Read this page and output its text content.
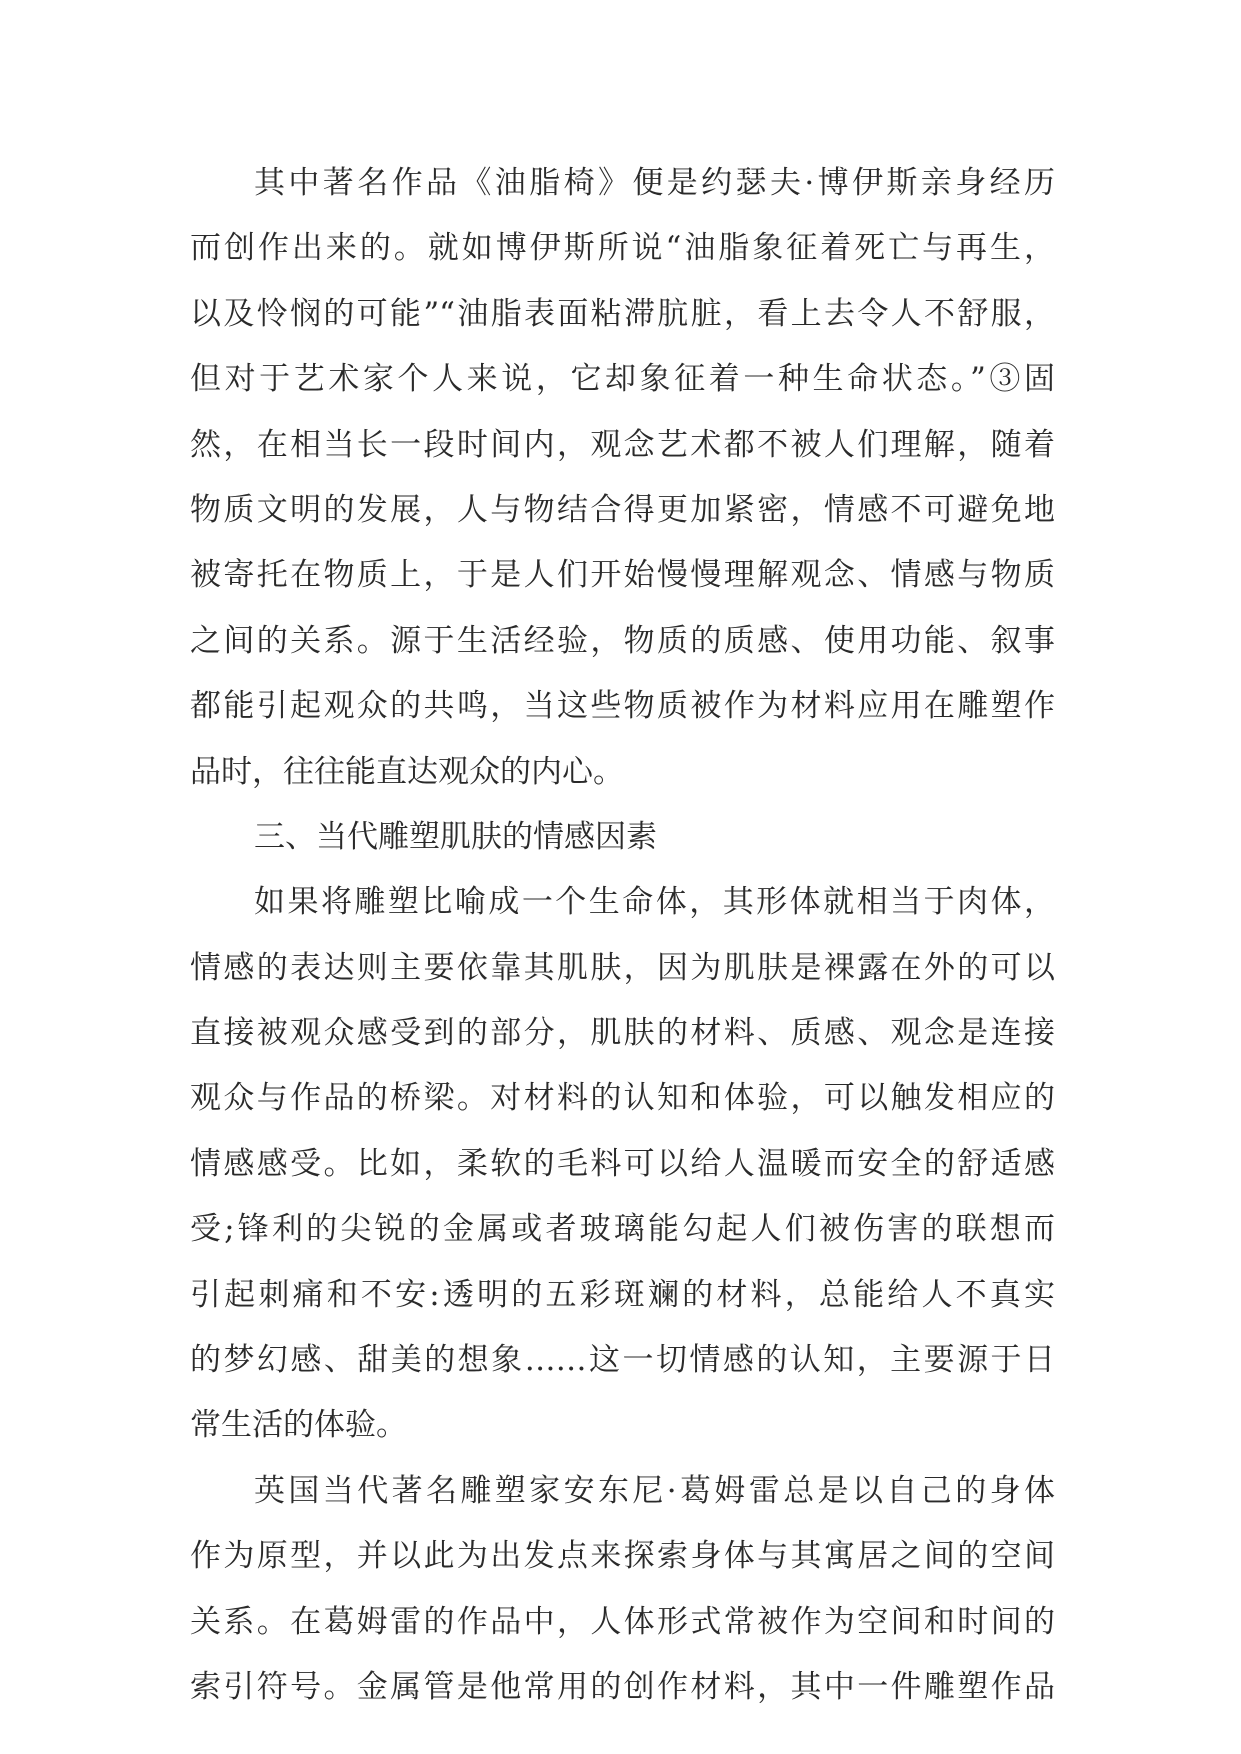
其中著名作品《油脂椅》便是约瑟夫·博伊斯亲身经历
而创作出来的。就如博伊斯所说“油脂象征着死亡与再生，
以及怜悯的可能”“油脂表面粘滞肮脏，看上去令人不舒服，
但对于艺术家个人来说，它却象征着一种生命状态。”③固
然，在相当长一段时间内，观念艺术都不被人们理解，随着
物质文明的发展，人与物结合得更加紧密，情感不可避免地
被寄托在物质上，于是人们开始慢慢理解观念、情感与物质
之间的关系。源于生活经验，物质的质感、使用功能、叙事
都能引起观众的共鸣，当这些物质被作为材料应用在雕塑作
品时，往往能直达观众的内心。
三、当代雕塑肌肤的情感因素
如果将雕塑比喻成一个生命体，其形体就相当于肉体，
情感的表达则主要依靠其肌肤，因为肌肤是裸露在外的可以
直接被观众感受到的部分，肌肤的材料、质感、观念是连接
观众与作品的桥梁。对材料的认知和体验，可以触发相应的
情感感受。比如，柔软的毛料可以给人温暖而安全的舒适感
受;锋利的尖锐的金属或者玻璃能勾起人们被伤害的联想而
引起刺痛和不安:透明的五彩斑斓的材料，总能给人不真实
的梦幻感、甜美的想象……这一切情感的认知，主要源于日
常生活的体验。
英国当代著名雕塑家安东尼·葛姆雷总是以自己的身体
作为原型，并以此为出发点来探索身体与其寓居之间的空间
关系。在葛姆雷的作品中，人体形式常被作为空间和时间的
索引符号。金属管是他常用的创作材料，其中一件雕塑作品
